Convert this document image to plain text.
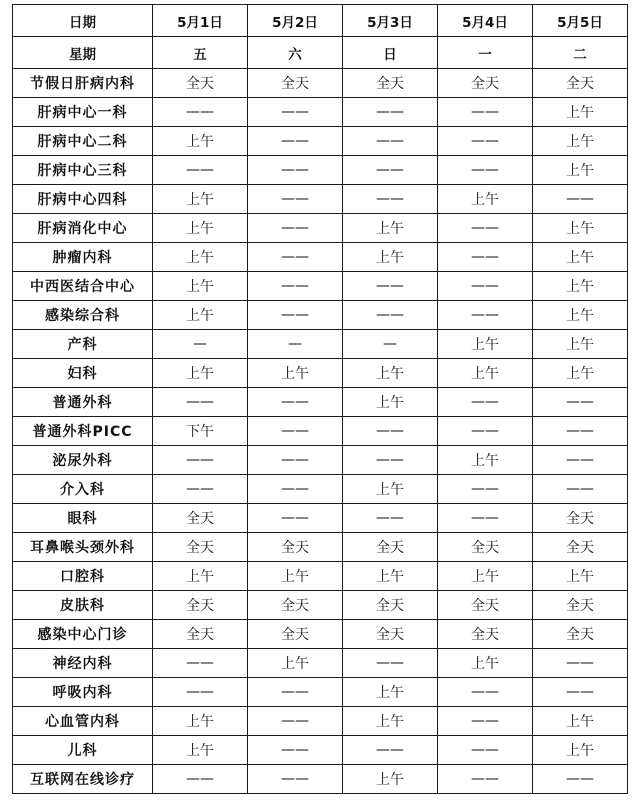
日期	5月1日	5月2日	5月3日	5月4日	5月5日
星期	五	六	日	一	二
节假日肝病内科	全天	全天	全天	全天	全天
肝病中心一科	——	——	——	——	上午
肝病中心二科	上午	——	——	——	上午
肝病中心三科	——	——	——	——	上午
肝病中心四科	上午	——	——	上午	——
肝病消化中心	上午	——	上午	——	上午
肿瘤内科	上午	——	上午	——	上午
中西医结合中心	上午	——	——	——	上午
感染综合科	上午	——	——	——	上午
产科	—	—	—	上午	上午
妇科	上午	上午	上午	上午	上午
普通外科	——	——	上午	——	——
普通外科PICC	下午	——	——	——	——
泌尿外科	——	——	——	上午	——
介入科	——	——	上午	——	——
眼科	全天	——	——	——	全天
耳鼻喉头颈外科	全天	全天	全天	全天	全天
口腔科	上午	上午	上午	上午	上午
皮肤科	全天	全天	全天	全天	全天
感染中心门诊	全天	全天	全天	全天	全天
神经内科	——	上午	——	上午	——
呼吸内科	——	——	上午	——	——
心血管内科	上午	——	上午	——	上午
儿科	上午	——	——	——	上午
互联网在线诊疗	——	——	上午	——	——
